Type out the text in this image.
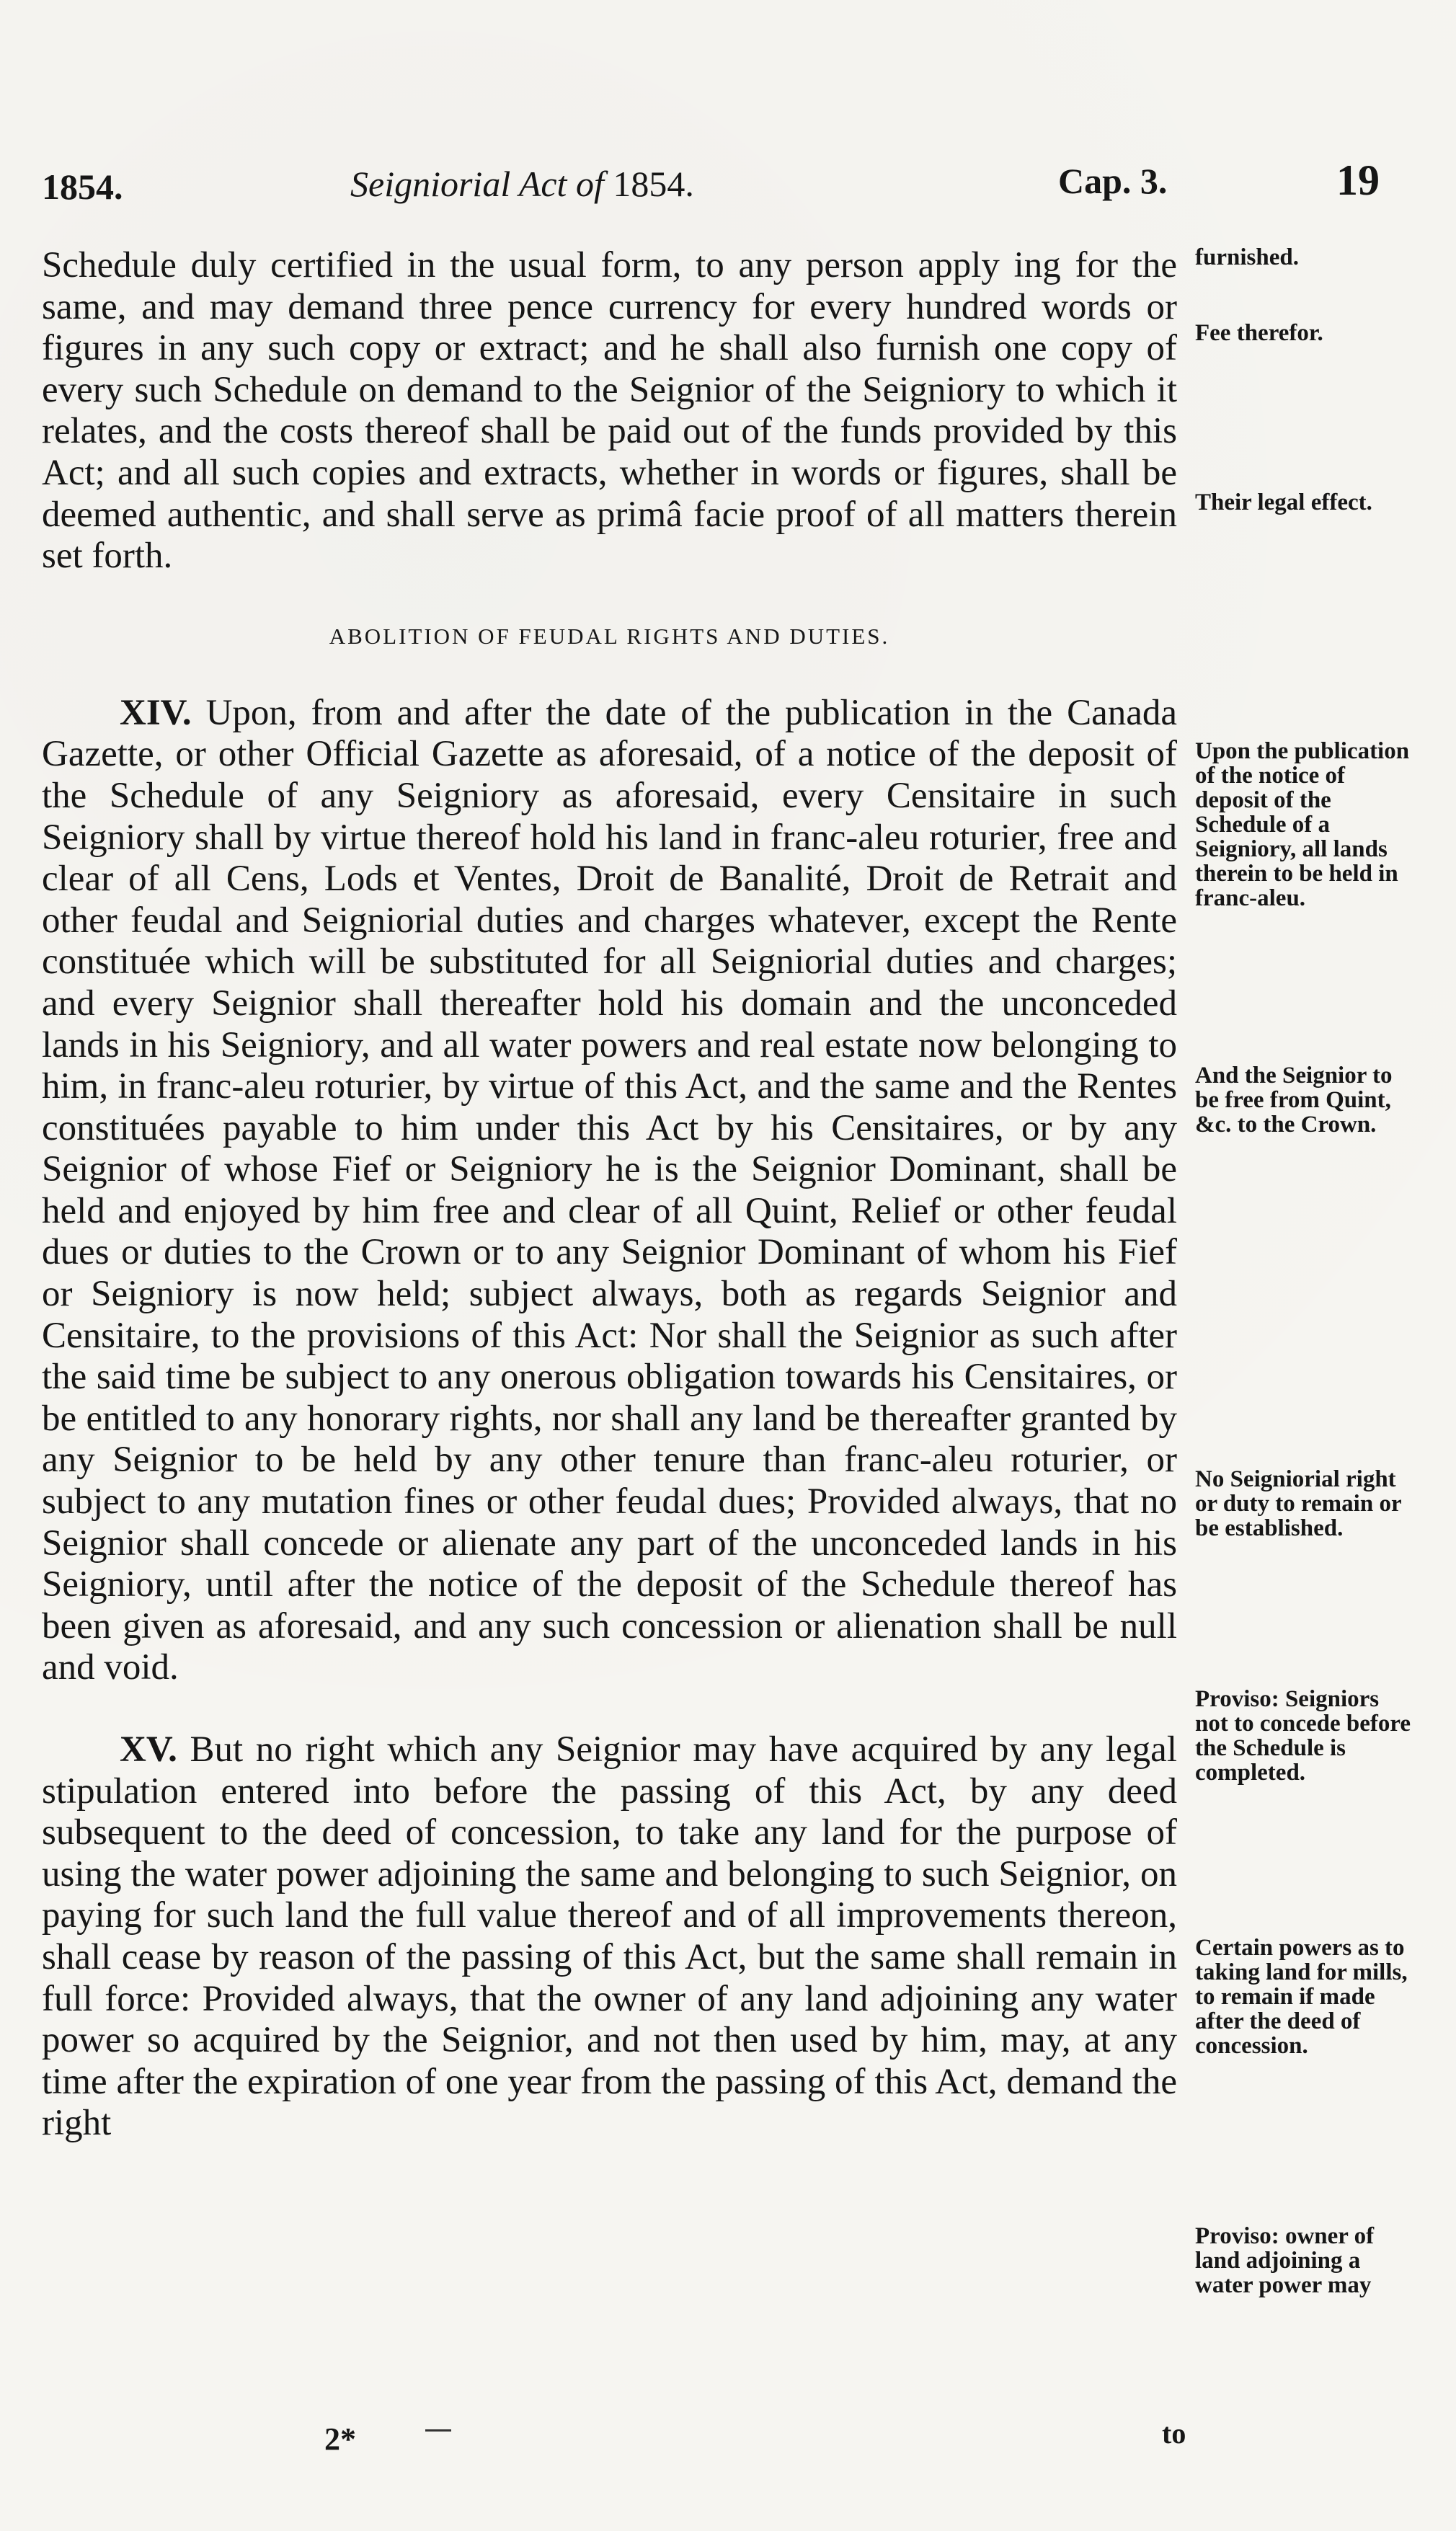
1854.	Seigniorial Act of 1854.	Cap. 3.	19

Schedule duly certified in the usual form, to any person apply ing for the same, and may demand three pence currency for every hundred words or figures in any such copy or extract; and he shall also furnish one copy of every such Schedule on demand to the Seignior of the Seigniory to which it relates, and the costs thereof shall be paid out of the funds provided by this Act; and all such copies and extracts, whether in words or figures, shall be deemed authentic, and shall serve as primâ facie proof of all matters therein set forth.

ABOLITION OF FEUDAL RIGHTS AND DUTIES.

XIV. Upon, from and after the date of the publication in the Canada Gazette, or other Official Gazette as aforesaid, of a notice of the deposit of the Schedule of any Seigniory as aforesaid, every Censitaire in such Seigniory shall by virtue thereof hold his land in franc-aleu roturier, free and clear of all Cens, Lods et Ventes, Droit de Banalité, Droit de Retrait and other feudal and Seigniorial duties and charges whatever, except the Rente constituée which will be substituted for all Seigniorial duties and charges; and every Seignior shall thereafter hold his domain and the unconceded lands in his Seigniory, and all water powers and real estate now belonging to him, in franc-aleu roturier, by virtue of this Act, and the same and the Rentes constituées payable to him under this Act by his Censitaires, or by any Seignior of whose Fief or Seigniory he is the Seignior Dominant, shall be held and enjoyed by him free and clear of all Quint, Relief or other feudal dues or duties to the Crown or to any Seignior Dominant of whom his Fief or Seigniory is now held; subject always, both as regards Seignior and Censitaire, to the provisions of this Act: Nor shall the Seignior as such after the said time be subject to any onerous obligation towards his Censitaires, or be entitled to any honorary rights, nor shall any land be thereafter granted by any Seignior to be held by any other tenure than franc-aleu roturier, or subject to any mutation fines or other feudal dues; Provided always, that no Seignior shall concede or alienate any part of the unconceded lands in his Seigniory, until after the notice of the deposit of the Schedule thereof has been given as aforesaid, and any such concession or alienation shall be null and void.

XV. But no right which any Seignior may have acquired by any legal stipulation entered into before the passing of this Act, by any deed subsequent to the deed of concession, to take any land for the purpose of using the water power adjoining the same and belonging to such Seignior, on paying for such land the full value thereof and of all improvements thereon, shall cease by reason of the passing of this Act, but the same shall remain in full force: Provided always, that the owner of any land adjoining any water power so acquired by the Seignior, and not then used by him, may, at any time after the expiration of one year from the passing of this Act, demand the right

furnished.
Fee therefor.
Their legal effect.
Upon the publication of the notice of deposit of the Schedule of a Seigniory, all lands therein to be held in franc-aleu.
And the Seignior to be free from Quint, &c. to the Crown.
No Seigniorial right or duty to remain or be established.
Proviso: Seigniors not to concede before the Schedule is completed.
Certain powers as to taking land for mills, to remain if made after the deed of concession.
Proviso: owner of land adjoining a water power may
2*	to
